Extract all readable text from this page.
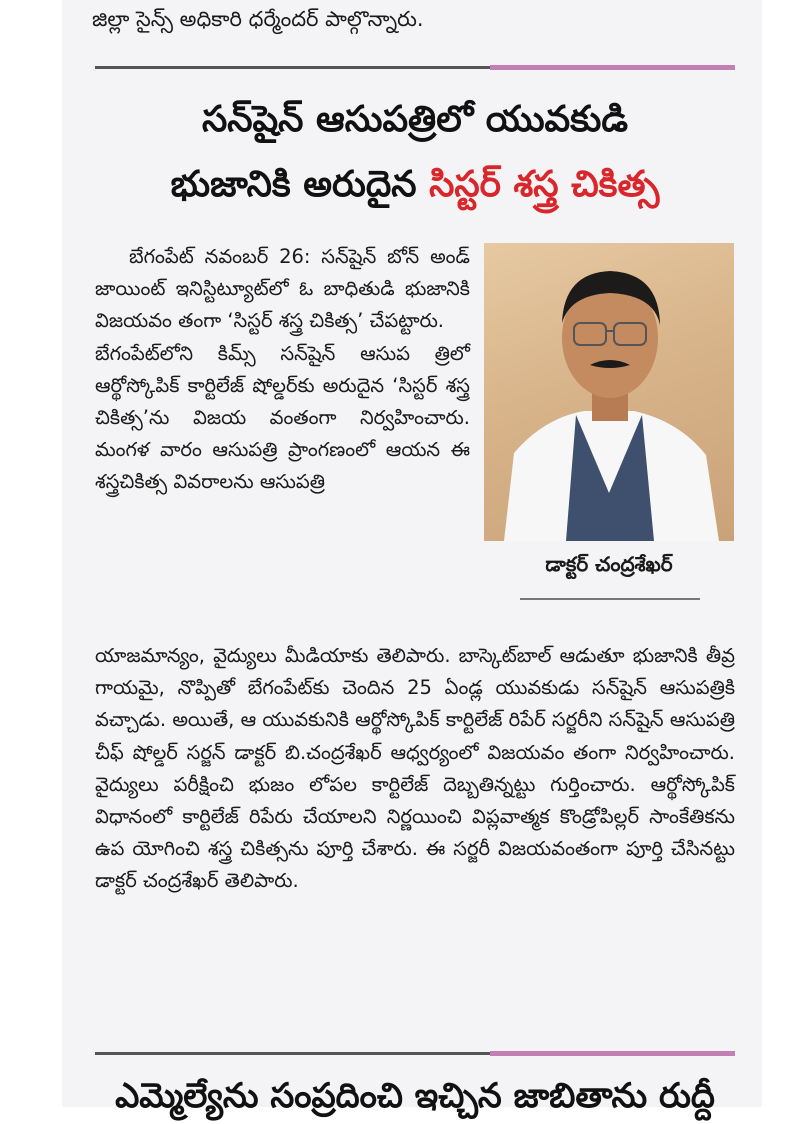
జిల్లా సైన్స్ అధికారి ధర్మేందర్ పాల్గొన్నారు.
సన్‌షైన్ ఆసుపత్రిలో యువకుడి
భుజానికి అరుదైన సిస్టర్ శస్త్ర చికిత్స

బేగంపేట్ నవంబర్ 26: సన్‌షైన్ బోన్ అండ్ జాయింట్ ఇనిస్టిట్యూట్‌లో ఓ బాధితుడి భుజానికి విజయవం తంగా ‘సిస్టర్ శస్త్ర చికిత్స’ చేపట్టారు.

బేగంపేట్‌లోని కిమ్స్ సన్‌షైన్ ఆసుప త్రిలో ఆర్థోస్కోపిక్ కార్టిలేజ్ షోల్డర్‌కు అరుదైన ‘సిస్టర్ శస్త్ర చికిత్స’ను విజయ వంతంగా నిర్వహించారు. మంగళ వారం ఆసుపత్రి ప్రాంగణంలో ఆయన ఈ శస్త్రచికిత్స వివరాలను ఆసుపత్రి

డాక్టర్ చంద్రశేఖర్

యాజమాన్యం, వైద్యులు మీడియాకు తెలిపారు. బాస్కెట్‌బాల్ ఆడుతూ భుజానికి తీవ్ర గాయమై, నొప్పితో బేగంపేట్‌కు చెందిన 25 ఏండ్ల యువకుడు సన్‌షైన్ ఆసుపత్రికి వచ్చాడు. అయితే, ఆ యువకునికి ఆర్థోస్కోపిక్ కార్టిలేజ్ రిపేర్ సర్జరీని సన్‌షైన్ ఆసుపత్రి చీఫ్ షోల్డర్ సర్జన్ డాక్టర్ బి.చంద్రశేఖర్ ఆధ్వర్యంలో విజయవం తంగా నిర్వహించారు. వైద్యులు పరీక్షించి భుజం లోపల కార్టిలేజ్ దెబ్బతిన్నట్టు గుర్తించారు. ఆర్థోస్కోపిక్ విధానంలో కార్టిలేజ్ రిపేరు చేయాలని నిర్ణయించి విప్లవాత్మక కొండ్రోపిల్లర్ సాంకేతికను ఉప యోగించి శస్త్ర చికిత్సను పూర్తి చేశారు. ఈ సర్జరీ విజయవంతంగా పూర్తి చేసినట్టు డాక్టర్ చంద్రశేఖర్ తెలిపారు.

ఎమ్మెల్యేను సంప్రదించి ఇచ్చిన జాబితాను రుద్దీ
